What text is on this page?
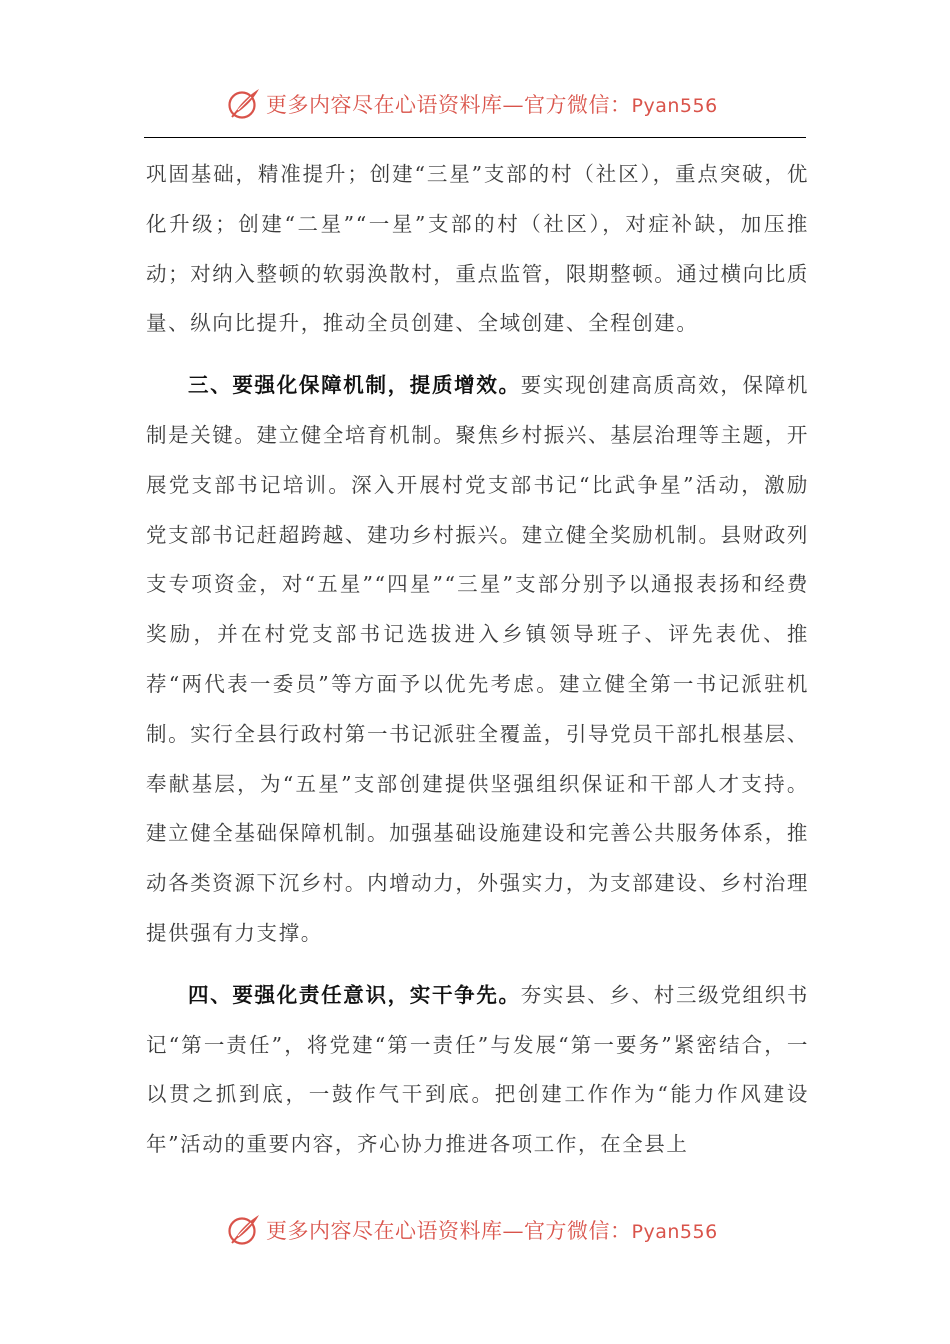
更多内容尽在心语资料库—官方微信：Pyan556

巩固基础，精准提升；创建“三星”支部的村（社区），重点突破，优化升级；创建“二星”“一星”支部的村（社区），对症补缺，加压推动；对纳入整顿的软弱涣散村，重点监管，限期整顿。通过横向比质量、纵向比提升，推动全员创建、全域创建、全程创建。

三、要强化保障机制，提质增效。要实现创建高质高效，保障机制是关键。建立健全培育机制。聚焦乡村振兴、基层治理等主题，开展党支部书记培训。深入开展村党支部书记“比武争星”活动，激励党支部书记赶超跨越、建功乡村振兴。建立健全奖励机制。县财政列支专项资金，对“五星”“四星”“三星”支部分别予以通报表扬和经费奖励，并在村党支部书记选拔进入乡镇领导班子、评先表优、推荐“两代表一委员”等方面予以优先考虑。建立健全第一书记派驻机制。实行全县行政村第一书记派驻全覆盖，引导党员干部扎根基层、奉献基层，为“五星”支部创建提供坚强组织保证和干部人才支持。建立健全基础保障机制。加强基础设施建设和完善公共服务体系，推动各类资源下沉乡村。内增动力，外强实力，为支部建设、乡村治理提供强有力支撑。

四、要强化责任意识，实干争先。夯实县、乡、村三级党组织书记“第一责任”，将党建“第一责任”与发展“第一要务”紧密结合，一以贯之抓到底，一鼓作气干到底。把创建工作作为“能力作风建设年”活动的重要内容，齐心协力推进各项工作，在全县上

更多内容尽在心语资料库—官方微信：Pyan556
